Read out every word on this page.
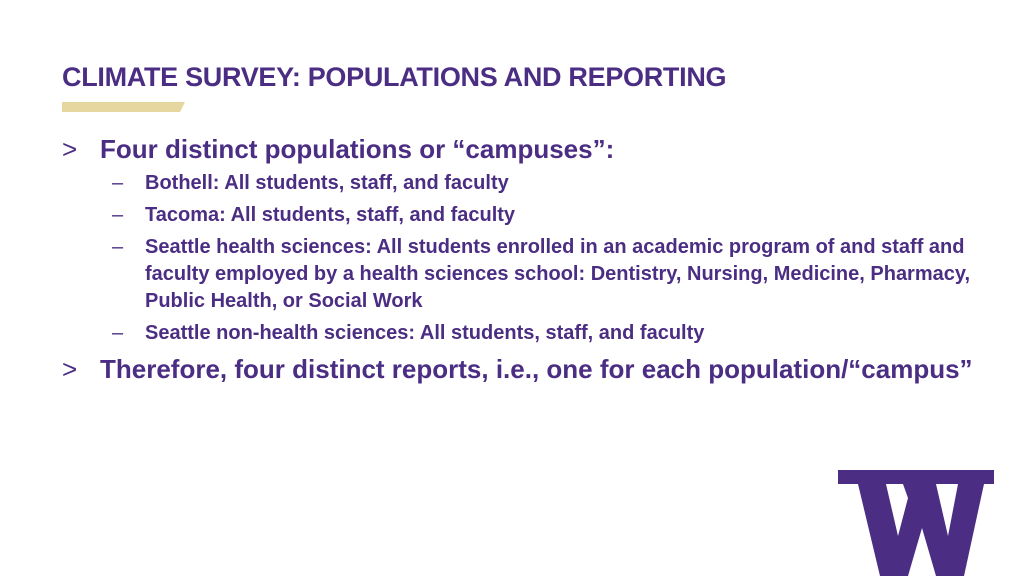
CLIMATE SURVEY: POPULATIONS AND REPORTING
> Four distinct populations or “campuses”:
– Bothell: All students, staff, and faculty
– Tacoma: All students, staff, and faculty
– Seattle health sciences: All students enrolled in an academic program of and staff and faculty employed by a health sciences school: Dentistry, Nursing, Medicine, Pharmacy, Public Health, or Social Work
– Seattle non-health sciences: All students, staff, and faculty
> Therefore, four distinct reports, i.e., one for each population/“campus”
